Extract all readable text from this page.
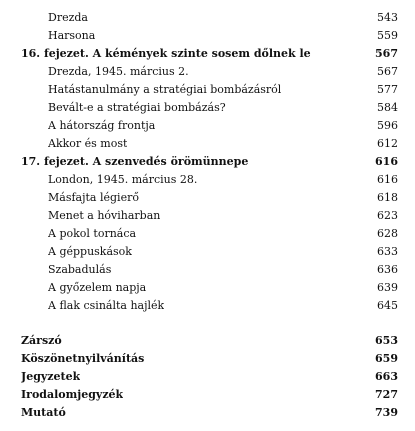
Drezda	543
Harsona	559
16. fejezet. A kémények szinte sosem dőlnek le	567
Drezda, 1945. március 2.	567
Hatástanulmány a stratégiai bombázásról	577
Bevált-e a stratégiai bombázás?	584
A hátország frontja	596
Akkor és most	612
17. fejezet. A szenvedés örömünnepe	616
London, 1945. március 28.	616
Másfajta légierő	618
Menet a hóviharban	623
A pokol tornáca	628
A géppuskások	633
Szabadulás	636
A győzelem napja	639
A flak csinálta hajlék	645
Zárszó	653
Köszönetnyilvánítás	659
Jegyzetek	663
Irodalomjegyzék	727
Mutató	739
